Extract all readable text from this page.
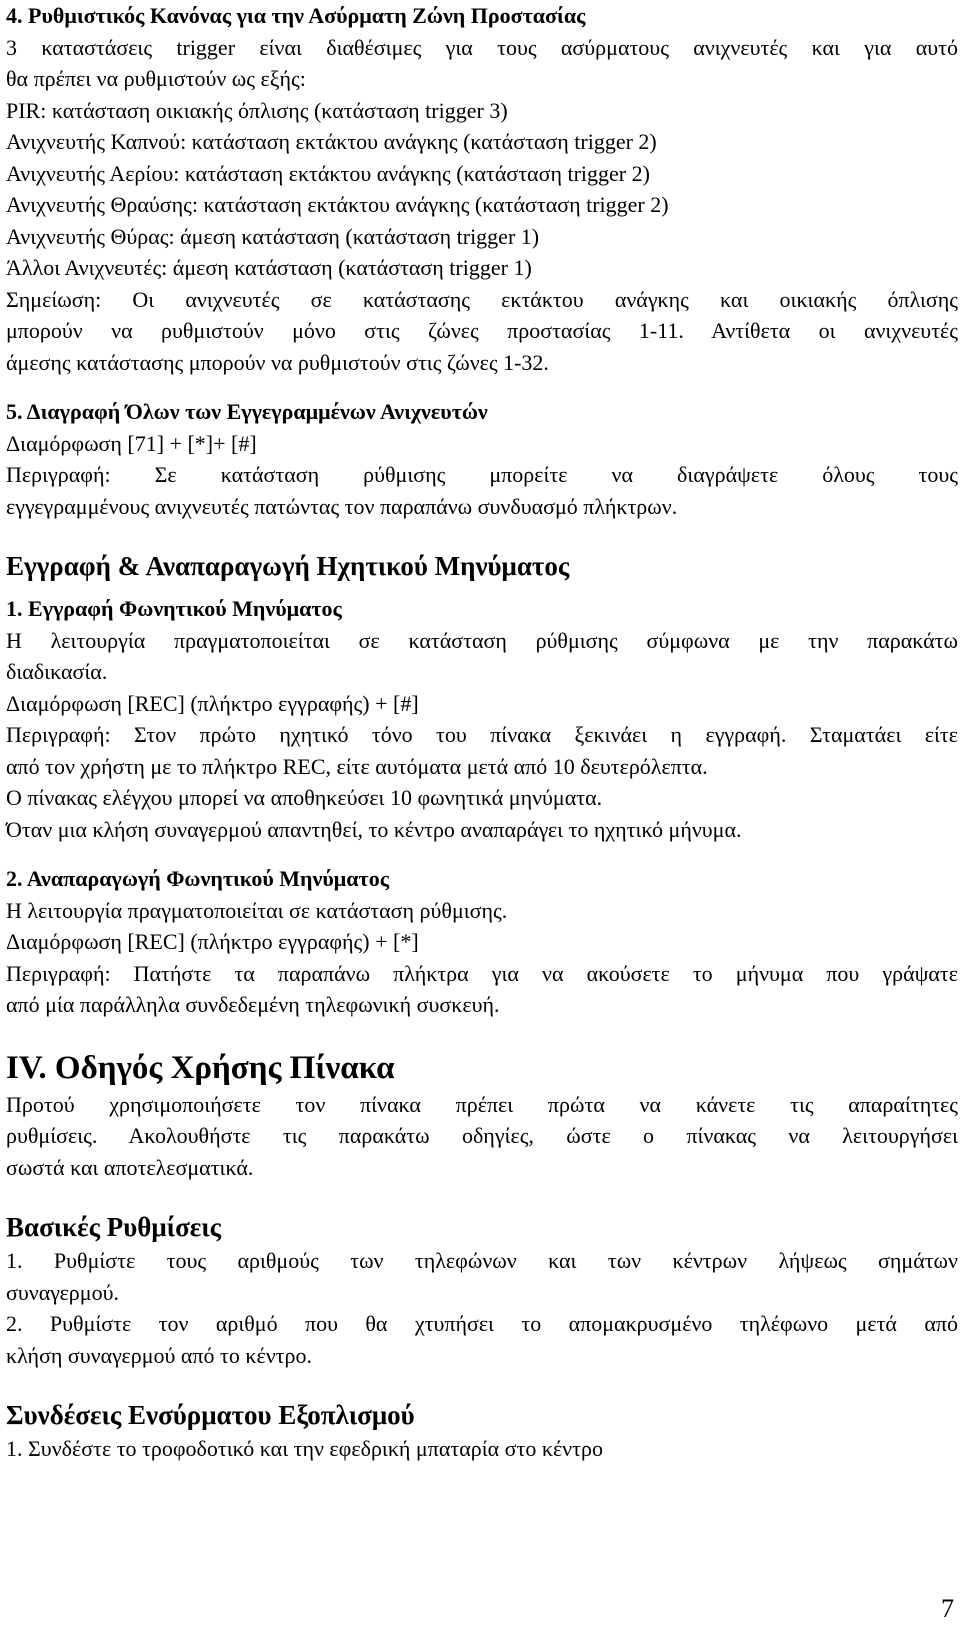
4. Ρυθμιστικός Κανόνας για την Ασύρματη Ζώνη Προστασίας

3 καταστάσεις trigger είναι διαθέσιμες για τους ασύρματους ανιχνευτές και για αυτό

θα πρέπει να ρυθμιστούν ως εξής:

PIR: κατάσταση οικιακής όπλισης (κατάσταση trigger 3)

Ανιχνευτής Καπνού: κατάσταση εκτάκτου ανάγκης (κατάσταση trigger 2)

Ανιχνευτής Αερίου: κατάσταση εκτάκτου ανάγκης (κατάσταση trigger 2)

Ανιχνευτής Θραύσης: κατάσταση εκτάκτου ανάγκης (κατάσταση trigger 2)

Ανιχνευτής Θύρας: άμεση κατάσταση (κατάσταση trigger 1)

Άλλοι Ανιχνευτές: άμεση κατάσταση (κατάσταση trigger 1)

Σημείωση: Οι ανιχνευτές σε κατάστασης εκτάκτου ανάγκης και οικιακής όπλισης

μπορούν να ρυθμιστούν μόνο στις ζώνες προστασίας 1-11. Αντίθετα οι ανιχνευτές

άμεσης κατάστασης μπορούν να ρυθμιστούν στις ζώνες 1-32.

5. Διαγραφή Όλων των Εγγεγραμμένων Ανιχνευτών

Διαμόρφωση [71] + [*]+ [#]

Περιγραφή: Σε κατάσταση ρύθμισης μπορείτε να διαγράψετε όλους τους

εγγεγραμμένους ανιχνευτές πατώντας τον παραπάνω συνδυασμό πλήκτρων.

Εγγραφή & Αναπαραγωγή Ηχητικού Μηνύματος

1. Εγγραφή Φωνητικού Μηνύματος

Η λειτουργία πραγματοποιείται σε κατάσταση ρύθμισης σύμφωνα με την παρακάτω

διαδικασία.

Διαμόρφωση [REC] (πλήκτρο εγγραφής) + [#]

Περιγραφή: Στον πρώτο ηχητικό τόνο του πίνακα ξεκινάει η εγγραφή. Σταματάει είτε

από τον χρήστη με το πλήκτρο REC, είτε αυτόματα μετά από 10 δευτερόλεπτα.

Ο πίνακας ελέγχου μπορεί να αποθηκεύσει 10 φωνητικά μηνύματα.

Όταν μια κλήση συναγερμού απαντηθεί, το κέντρο αναπαράγει το ηχητικό μήνυμα.

2. Αναπαραγωγή Φωνητικού Μηνύματος

Η λειτουργία πραγματοποιείται σε κατάσταση ρύθμισης.

Διαμόρφωση [REC] (πλήκτρο εγγραφής) + [*]

Περιγραφή: Πατήστε τα παραπάνω πλήκτρα για να ακούσετε το μήνυμα που γράψατε

από μία παράλληλα συνδεδεμένη τηλεφωνική συσκευή.

IV. Οδηγός Χρήσης Πίνακα

Προτού χρησιμοποιήσετε τον πίνακα πρέπει πρώτα να κάνετε τις απαραίτητες

ρυθμίσεις. Ακολουθήστε τις παρακάτω οδηγίες, ώστε ο πίνακας να λειτουργήσει

σωστά και αποτελεσματικά.

Βασικές Ρυθμίσεις

1. Ρυθμίστε τους αριθμούς των τηλεφώνων και των κέντρων λήψεως σημάτων

συναγερμού.

2. Ρυθμίστε τον αριθμό που θα χτυπήσει το απομακρυσμένο τηλέφωνο μετά από

κλήση συναγερμού από το κέντρο.

Συνδέσεις Ενσύρματου Εξοπλισμού

1. Συνδέστε το τροφοδοτικό και την εφεδρική μπαταρία στο κέντρο

7
